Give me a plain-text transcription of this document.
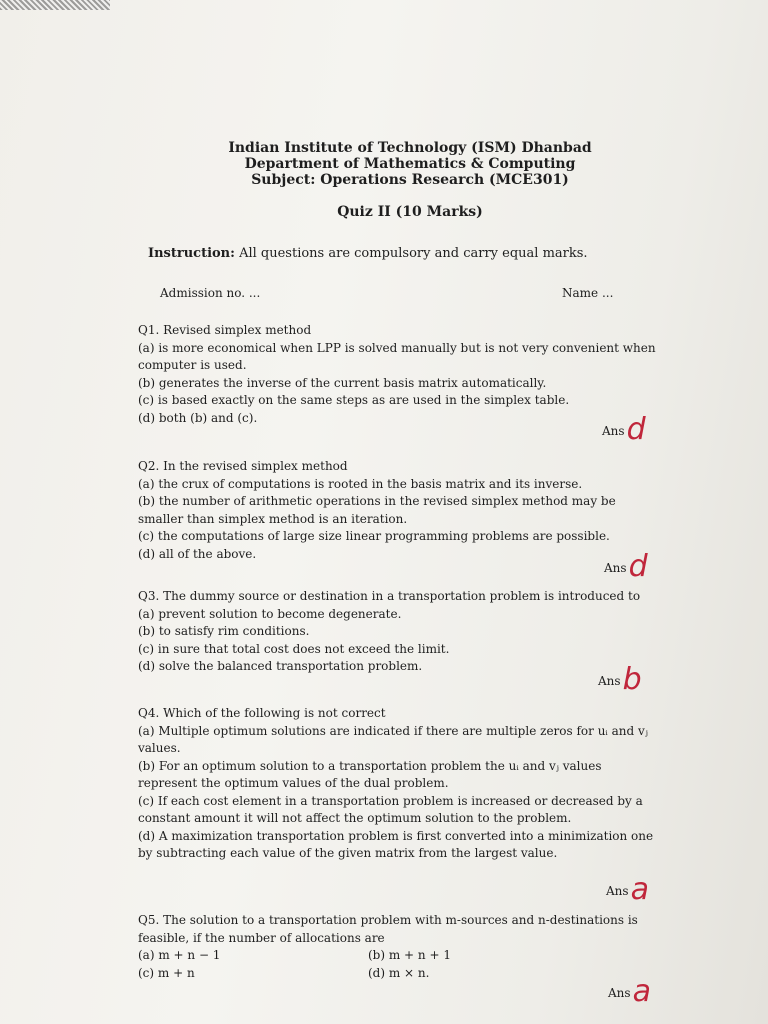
Indian Institute of Technology (ISM) Dhanbad
Department of Mathematics & Computing
Subject: Operations Research (MCE301)
Quiz II (10 Marks)
Instruction: All questions are compulsory and carry equal marks.
Admission no. ...	Name ...
Q1. Revised simplex method
(a) is more economical when LPP is solved manually but is not very convenient when computer is used.
(b) generates the inverse of the current basis matrix automatically.
(c) is based exactly on the same steps as are used in the simplex table.
(d) both (b) and (c).
Ansd
Q2. In the revised simplex method
(a) the crux of computations is rooted in the basis matrix and its inverse.
(b) the number of arithmetic operations in the revised simplex method may be smaller than simplex method is an iteration.
(c) the computations of large size linear programming problems are possible.
(d) all of the above.
Ansd
Q3. The dummy source or destination in a transportation problem is introduced to
(a) prevent solution to become degenerate.
(b) to satisfy rim conditions.
(c) in sure that total cost does not exceed the limit.
(d) solve the balanced transportation problem.
Ansb
Q4. Which of the following is not correct
(a) Multiple optimum solutions are indicated if there are multiple zeros for uᵢ and vⱼ values.
(b) For an optimum solution to a transportation problem the uᵢ and vⱼ values represent the optimum values of the dual problem.
(c) If each cost element in a transportation problem is increased or decreased by a constant amount it will not affect the optimum solution to the problem.
(d) A maximization transportation problem is first converted into a minimization one by subtracting each value of the given matrix from the largest value.
Ansa
Q5. The solution to a transportation problem with m-sources and n-destinations is feasible, if the number of allocations are
(a) m + n − 1	(b) m + n + 1
(c) m + n	(d) m × n.
Ansa
